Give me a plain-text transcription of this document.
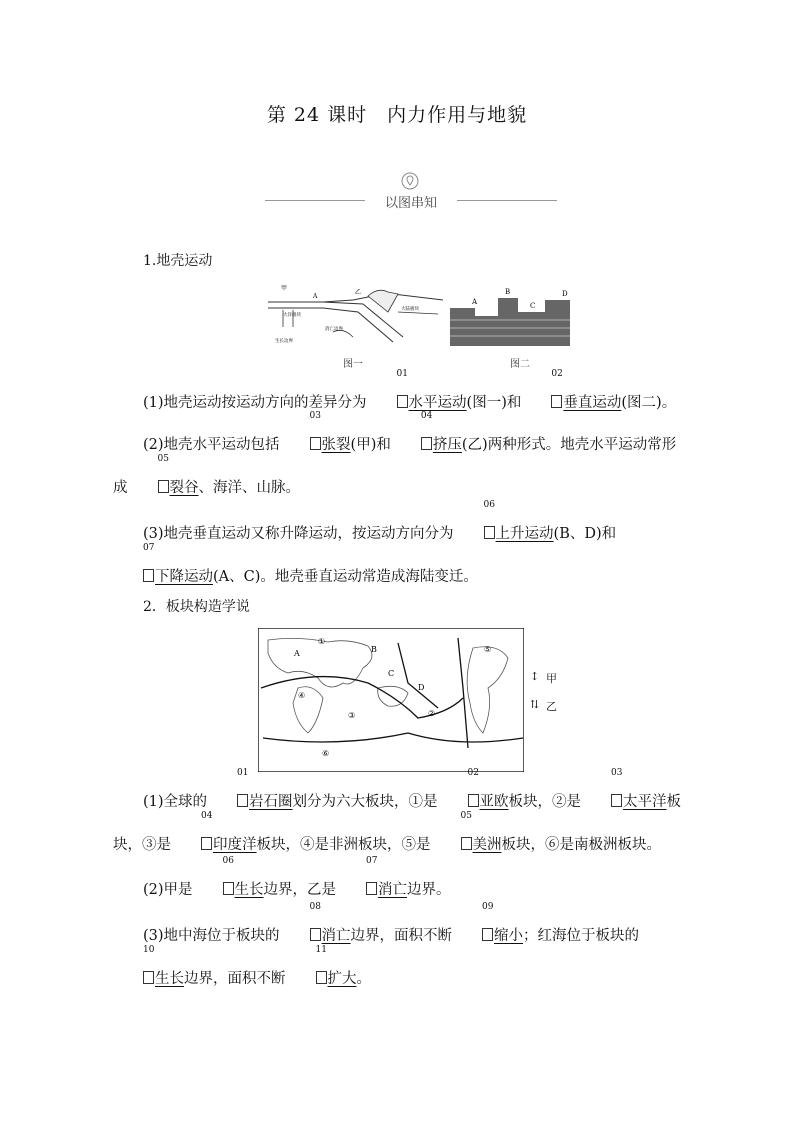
第 24 课时　内力作用与地貌
以图串知
1.地壳运动
甲
A
乙
大洋板块
生长边界
消亡边界
大陆板块
图一
A
B
C
D
图二
(1)地壳运动按运动方向的差异分为
01
水平运动(图一)和
02
垂直运动(图二)。
(2)地壳水平运动包括
03
张裂(甲)和
04
挤压(乙)两种形式。地壳水平运动常形成
05
裂谷、海洋、山脉。
(3)地壳垂直运动又称升降运动，按运动方向分为
06
上升运动(B、D)和
07
下降运动(A、C)。地壳垂直运动常造成海陆变迁。
2．板块构造学说
①
A	B
C
D
④
③	②
⑤
⑥
↕ 甲
⇅ 乙
(1)全球的
01
岩石圈划分为六大板块，①是
02
亚欧板块，②是
03
太平洋板块，③是
04
印度洋板块，④是非洲板块，⑤是
05
美洲板块，⑥是南极洲板块。
(2)甲是
06
生长边界，乙是
07
消亡边界。
(3)地中海位于板块的
08
消亡边界，面积不断
09
缩小；红海位于板块的
10
生长边界，面积不断
11
扩大。
